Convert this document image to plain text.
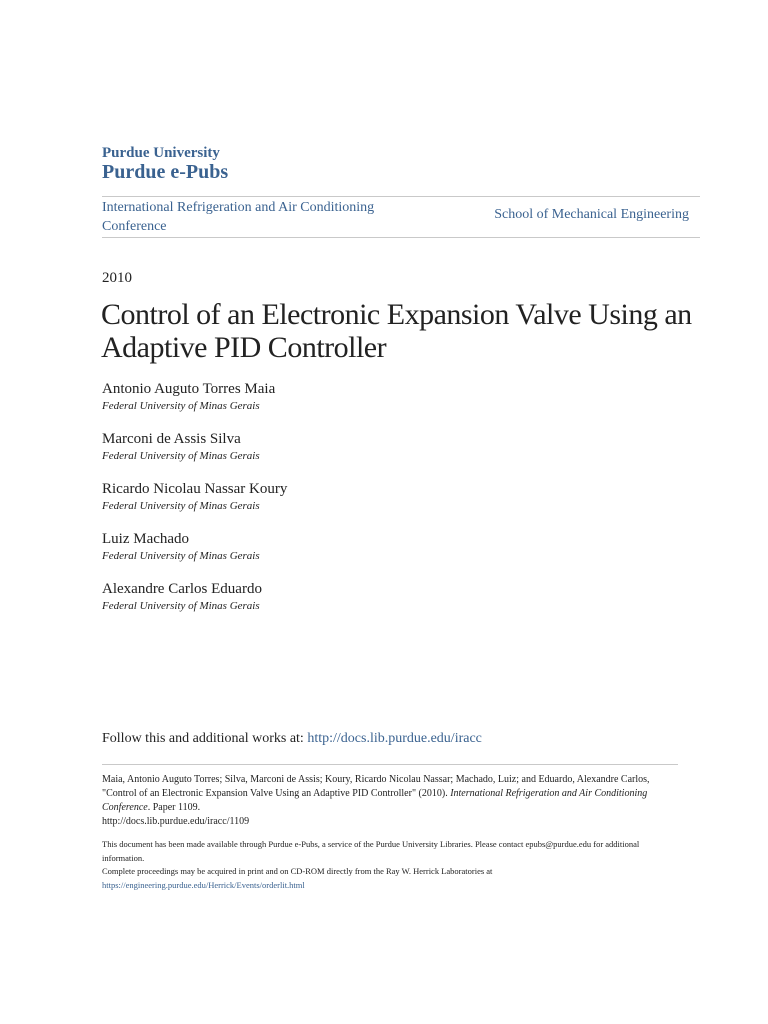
Purdue University
Purdue e-Pubs
International Refrigeration and Air Conditioning Conference
School of Mechanical Engineering
2010
Control of an Electronic Expansion Valve Using an Adaptive PID Controller
Antonio Auguto Torres Maia
Federal University of Minas Gerais
Marconi de Assis Silva
Federal University of Minas Gerais
Ricardo Nicolau Nassar Koury
Federal University of Minas Gerais
Luiz Machado
Federal University of Minas Gerais
Alexandre Carlos Eduardo
Federal University of Minas Gerais
Follow this and additional works at: http://docs.lib.purdue.edu/iracc
Maia, Antonio Auguto Torres; Silva, Marconi de Assis; Koury, Ricardo Nicolau Nassar; Machado, Luiz; and Eduardo, Alexandre Carlos, "Control of an Electronic Expansion Valve Using an Adaptive PID Controller" (2010). International Refrigeration and Air Conditioning Conference. Paper 1109.
http://docs.lib.purdue.edu/iracc/1109

This document has been made available through Purdue e-Pubs, a service of the Purdue University Libraries. Please contact epubs@purdue.edu for additional information.

Complete proceedings may be acquired in print and on CD-ROM directly from the Ray W. Herrick Laboratories at https://engineering.purdue.edu/Herrick/Events/orderlit.html
